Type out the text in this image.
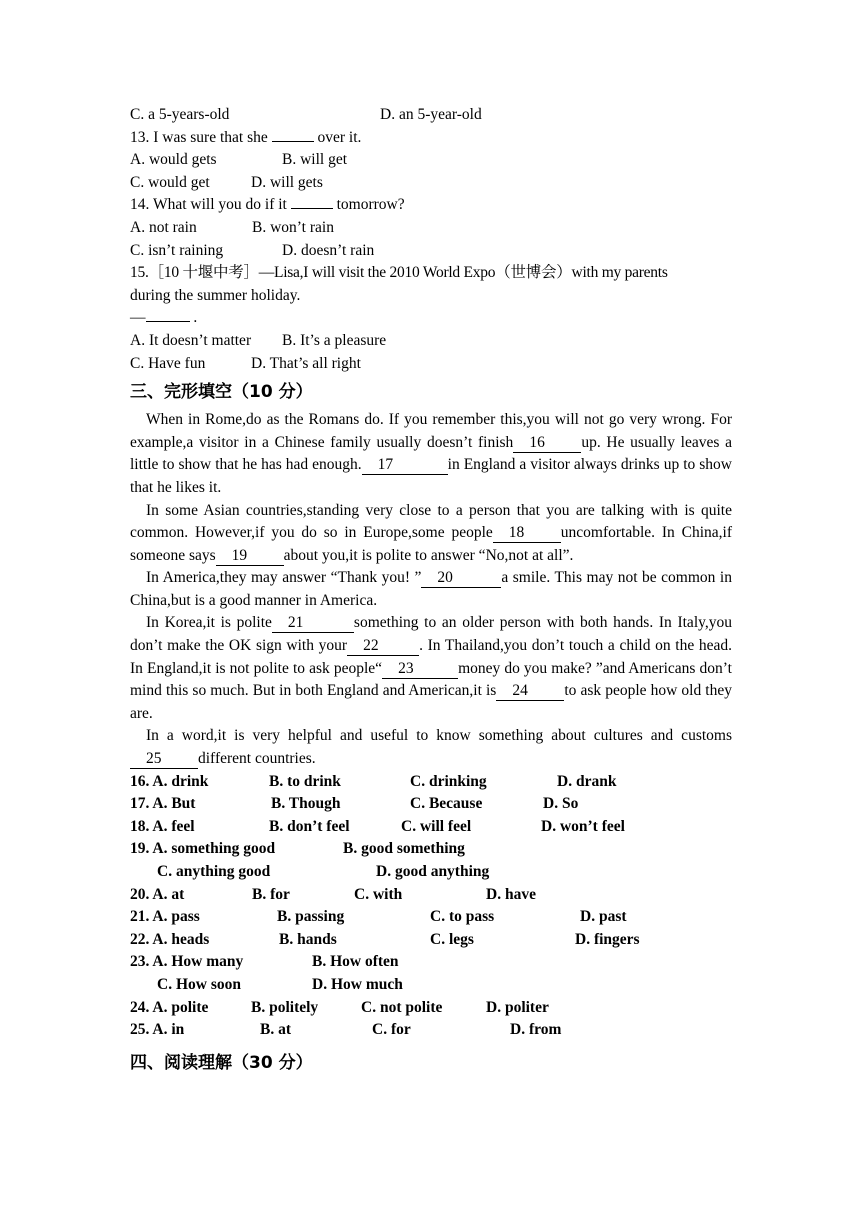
C. a 5-years-old	D. an 5-year-old
13. I was sure that she	over it.
A. would gets	B. will get
C. would get	D. will gets
14. What will you do if it	tomorrow?
A. not rain	B. won’t rain
C. isn’t raining	D. doesn’t rain
15.［10 十堰中考］—Lisa,I will visit the 2010 World Expo（世博会）with my parents
during the summer holiday.
—	.
A. It doesn’t matter B. It’s a pleasure
C. Have fun	D. That’s all right
三、完形填空（10 分）

When in Rome,do as the Romans do. If you remember this,you will not go very wrong. For example,a visitor in a Chinese family usually doesn’t finish 16 up. He usually leaves a little to show that he has had enough. 17	in England a visitor always drinks up to show that he likes it.

In some Asian countries,standing very close to a person that you are talking with is quite common. However,if you do so in Europe,some people 18 uncomfortable. In China,if someone says 19 about you,it is polite to answer “No,not at all”.

In America,they may answer “Thank you! ” 20	a smile. This may not be common in China,but is a good manner in America.

In Korea,it is polite 21	something to an older person with both hands. In Italy,you don’t make the OK sign with your 22	. In Thailand,you don’t touch a child on the head. In England,it is not polite to ask people“ 23	money do you make? ”and Americans don’t mind this so much. But in both England and American,it is 24 to ask people how old they are.

In a word,it is very helpful and useful to know something about cultures and customs25 different countries.

16. A. drink	B. to drink	C. drinking	D. drank
17. A. But	B. Though	C. Because	D. So
18. A. feel	B. don’t feel	C. will feel	D. won’t feel
19. A. something good	B. good something
C. anything good	D. good anything
20. A. at	B. for	C. with	D. have
21. A. pass	B. passing	C. to pass	D. past
22. A. heads	B. hands	C. legs	D. fingers
23. A. How many	B. How often
C. How soon	D. How much
24. A. polite	B. politely	C. not polite	D. politer
25. A. in	B. at	C. for	D. from
四、阅读理解（30 分）
